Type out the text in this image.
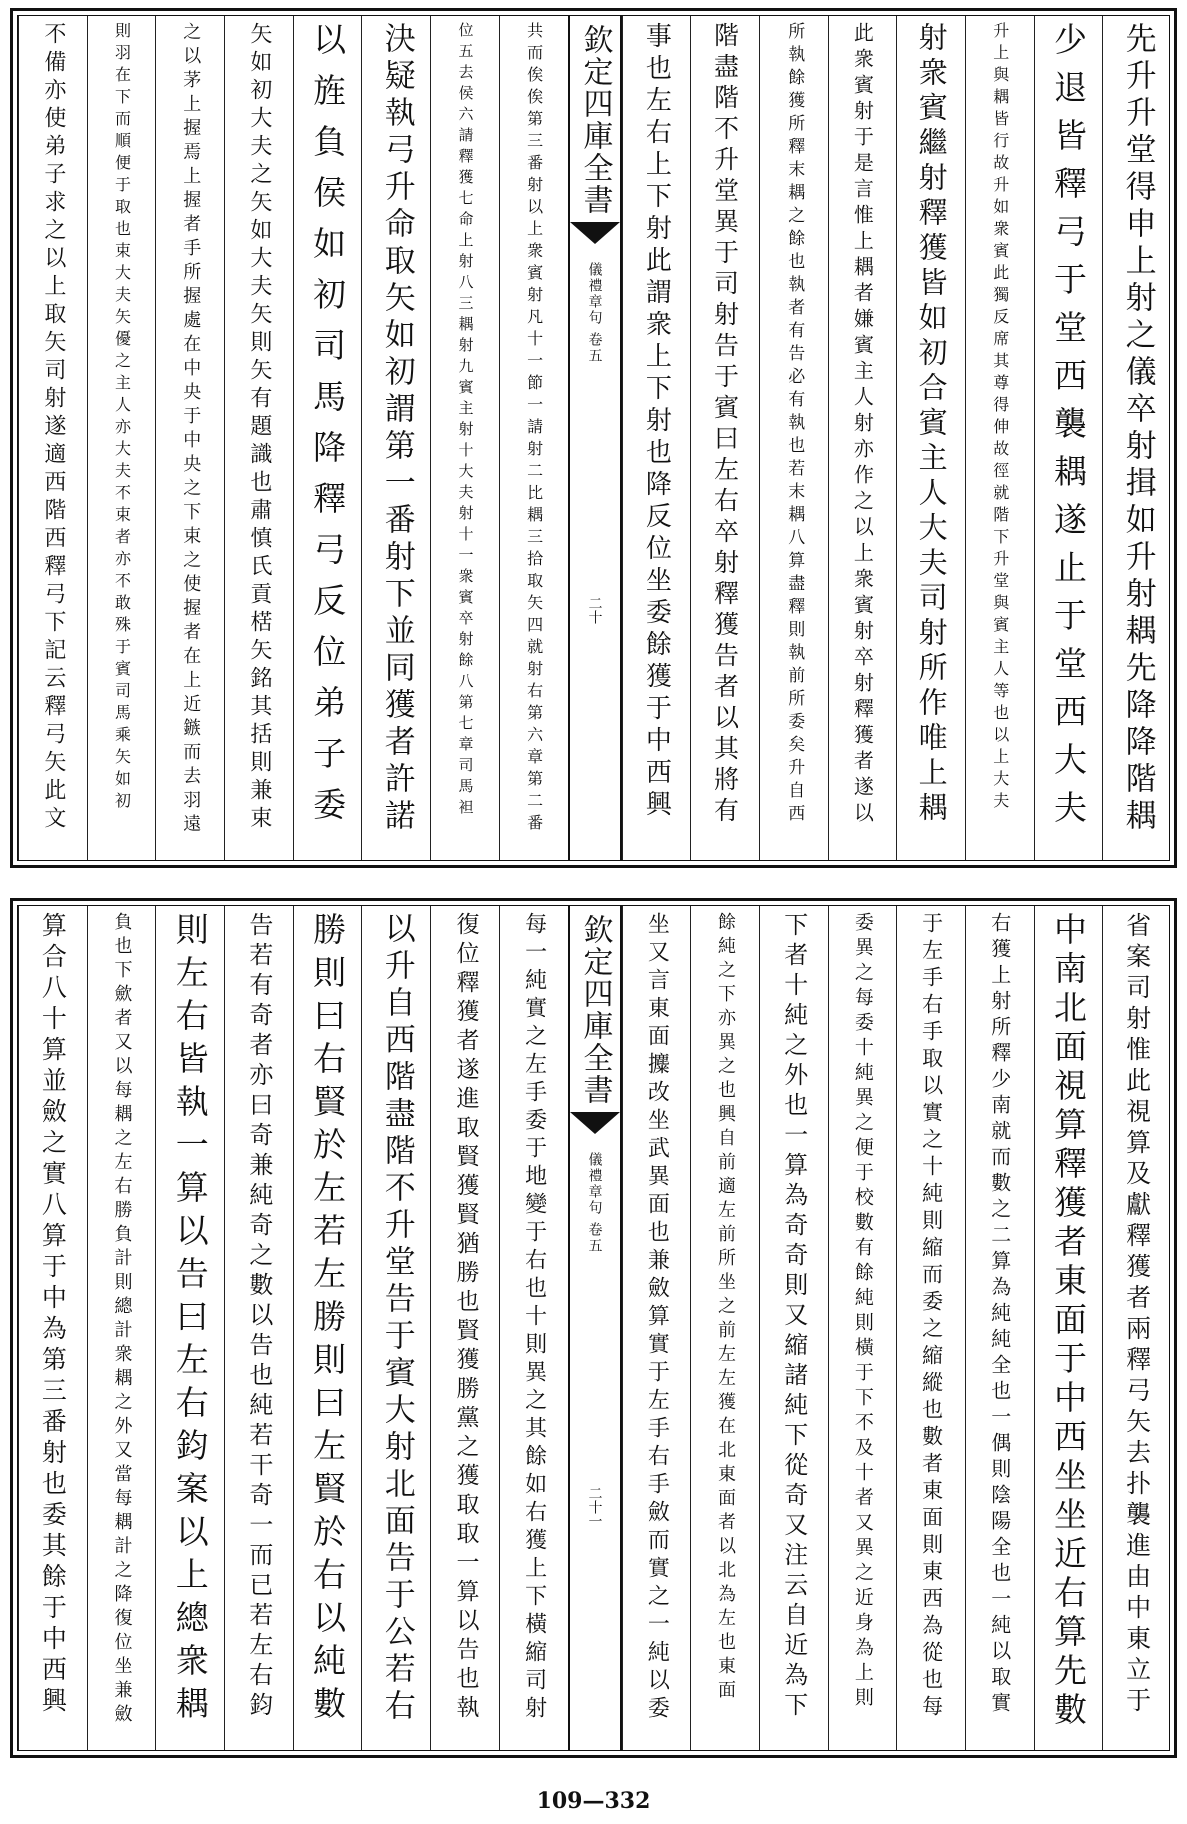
先升升堂得申上射之儀卒射揖如升射耦先降降階耦
少退皆釋弓于堂西襲耦遂止于堂西大夫
升上與耦皆行故升如衆賓此獨反席其尊得伸故徑就階下升堂與賓主人等也以上大夫
射衆賓繼射釋獲皆如初合賓主人大夫司射所作唯上耦
此衆賓射于是言惟上耦者嫌賓主人射亦作之以上衆賓射卒射釋獲者遂以
所執餘獲所釋末耦之餘也執者有告必有執也若末耦八算盡釋則執前所委矣升自西
階盡階不升堂異于司射告于賓曰左右卒射釋獲告者以其將有
事也左右上下射此謂衆上下射也降反位坐委餘獲于中西興
欽定四庫全書
儀禮章句
卷五
二十
共而俟俟第三番射以上衆賓射凡十一節一請射二比耦三拾取矢四就射右第六章第二番
位五去侯六請釋獲七命上射八三耦射九賓主射十大夫射十一衆賓卒射餘八第七章司馬袒
決疑執弓升命取矢如初謂第一番射下並同獲者許諾
以旌負侯如初司馬降釋弓反位弟子委
矢如初大夫之矢如大夫矢則矢有題識也肅慎氏貢楛矢銘其括則兼束
之以茅上握焉上握者手所握處在中央于中央之下束之使握者在上近鏃而去羽遠
則羽在下而順便于取也束大夫矢優之主人亦大夫不束者亦不敢殊于賓司馬乘矢如初
不備亦使弟子求之以上取矢司射遂適西階西釋弓下記云釋弓矢此文
省案司射惟此視算及獻釋獲者兩釋弓矢去扑襲進由中東立于
中南北面視算釋獲者東面于中西坐坐近右算先數
右獲上射所釋少南就而數之二算為純純全也一偶則陰陽全也一純以取實
于左手右手取以實之十純則縮而委之縮縱也數者東面則東西為從也每
委異之每委十純異之便于校數有餘純則橫于下不及十者又異之近身為上則
下者十純之外也一算為奇奇則又縮諸純下從奇又注云自近為下
餘純之下亦異之也興自前適左前所坐之前左左獲在北東面者以北為左也東面
坐又言東面攗改坐武異面也兼斂算實于左手右手斂而實之一純以委
欽定四庫全書
儀禮章句
卷五
二十一
每一純實之左手委于地變于右也十則異之其餘如右獲上下橫縮司射
復位釋獲者遂進取賢獲賢猶勝也賢獲勝黨之獲取取一算以告也執
以升自西階盡階不升堂告于賓大射北面告于公若右
勝則曰右賢於左若左勝則曰左賢於右以純數
告若有奇者亦曰奇兼純奇之數以告也純若干奇一而已若左右鈞
則左右皆執一算以告曰左右鈞案以上總衆耦
負也下歛者又以每耦之左右勝負計則總計衆耦之外又當每耦計之降復位坐兼斂
算合八十算並斂之實八算于中為第三番射也委其餘于中西興
109—332
